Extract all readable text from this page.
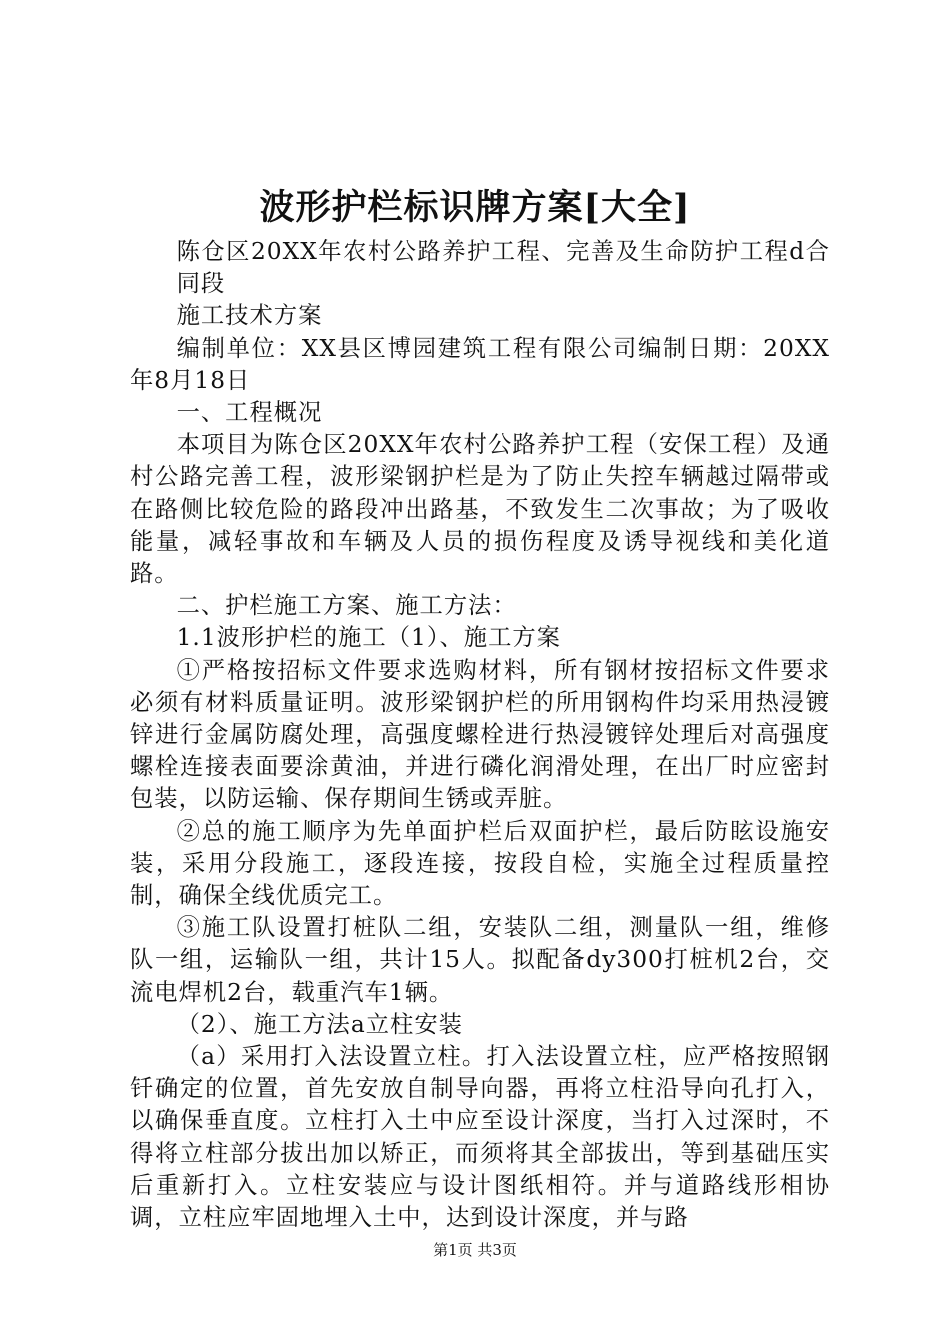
波形护栏标识牌方案[大全]

陈仓区20XX年农村公路养护工程、完善及生命防护工程d合同段

施工技术方案

编制单位：XX县区博园建筑工程有限公司编制日期：20XX年8月18日

一、工程概况

本项目为陈仓区20XX年农村公路养护工程（安保工程）及通村公路完善工程，波形梁钢护栏是为了防止失控车辆越过隔带或在路侧比较危险的路段冲出路基，不致发生二次事故；为了吸收能量，减轻事故和车辆及人员的损伤程度及诱导视线和美化道路。

二、护栏施工方案、施工方法：

1.1波形护栏的施工（1）、施工方案

①严格按招标文件要求选购材料，所有钢材按招标文件要求必须有材料质量证明。波形梁钢护栏的所用钢构件均采用热浸镀锌进行金属防腐处理，高强度螺栓进行热浸镀锌处理后对高强度螺栓连接表面要涂黄油，并进行磷化润滑处理，在出厂时应密封包装，以防运输、保存期间生锈或弄脏。

②总的施工顺序为先单面护栏后双面护栏，最后防眩设施安装，采用分段施工，逐段连接，按段自检，实施全过程质量控制，确保全线优质完工。

③施工队设置打桩队二组，安装队二组，测量队一组，维修队一组，运输队一组，共计15人。拟配备dy300打桩机2台，交流电焊机2台，载重汽车1辆。

（2）、施工方法a立柱安装

（a）采用打入法设置立柱。打入法设置立柱，应严格按照钢钎确定的位置，首先安放自制导向器，再将立柱沿导向孔打入，以确保垂直度。立柱打入土中应至设计深度，当打入过深时，不得将立柱部分拔出加以矫正，而须将其全部拔出，等到基础压实后重新打入。立柱安装应与设计图纸相符。并与道路线形相协调，立柱应牢固地埋入土中，达到设计深度，并与路

第1页 共3页
